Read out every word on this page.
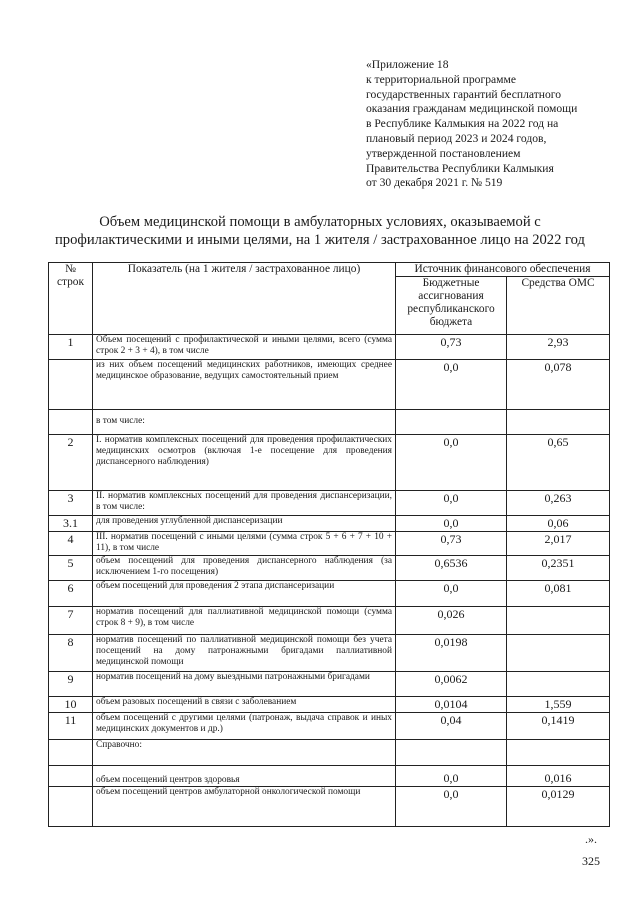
«Приложение 18
к территориальной программе
государственных гарантий бесплатного
оказания гражданам медицинской помощи
в Республике Калмыкия на 2022 год на
плановый период 2023 и 2024 годов,
утвержденной постановлением
Правительства Республики Калмыкия
от 30 декабря 2021 г. № 519
Объем медицинской помощи в амбулаторных условиях, оказываемой с
профилактическими и иными целями, на 1 жителя / застрахованное лицо на 2022 год
№ строк	Показатель (на 1 жителя / застрахованное лицо)	Источник финансового обеспечения	
		Бюджетные ассигнования республиканского бюджета	Средства ОМС
1	Объем посещений с профилактической и иными целями, всего (сумма строк 2 + 3 + 4), в том числе	0,73	2,93
	из них объем посещений медицинских работников, имеющих среднее медицинское образование, ведущих самостоятельный прием	0,0	0,078
	в том числе:		
2	I. норматив комплексных посещений для проведения профилактических медицинских осмотров (включая 1-е посещение для проведения диспансерного наблюдения)	0,0	0,65
3	II. норматив комплексных посещений для проведения диспансеризации, в том числе:	0,0	0,263
3.1	для проведения углубленной диспансеризации	0,0	0,06
4	III. норматив посещений с иными целями (сумма строк 5 + 6 + 7 + 10 + 11), в том числе	0,73	2,017
5	объем посещений для проведения диспансерного наблюдения (за исключением 1-го посещения)	0,6536	0,2351
6	объем посещений для проведения 2 этапа диспансеризации	0,0	0,081
7	норматив посещений для паллиативной медицинской помощи (сумма строк 8 + 9), в том числе	0,026	
8	норматив посещений по паллиативной медицинской помощи без учета посещений на дому патронажными бригадами паллиативной медицинской помощи	0,0198	
9	норматив посещений на дому выездными патронажными бригадами	0,0062	
10	объем разовых посещений в связи с заболеванием	0,0104	1,559
11	объем посещений с другими целями (патронаж, выдача справок и иных медицинских документов и др.)	0,04	0,1419
	Справочно:		
	объем посещений центров здоровья	0,0	0,016
	объем посещений центров амбулаторной онкологической помощи	0,0	0,0129
.».
325
